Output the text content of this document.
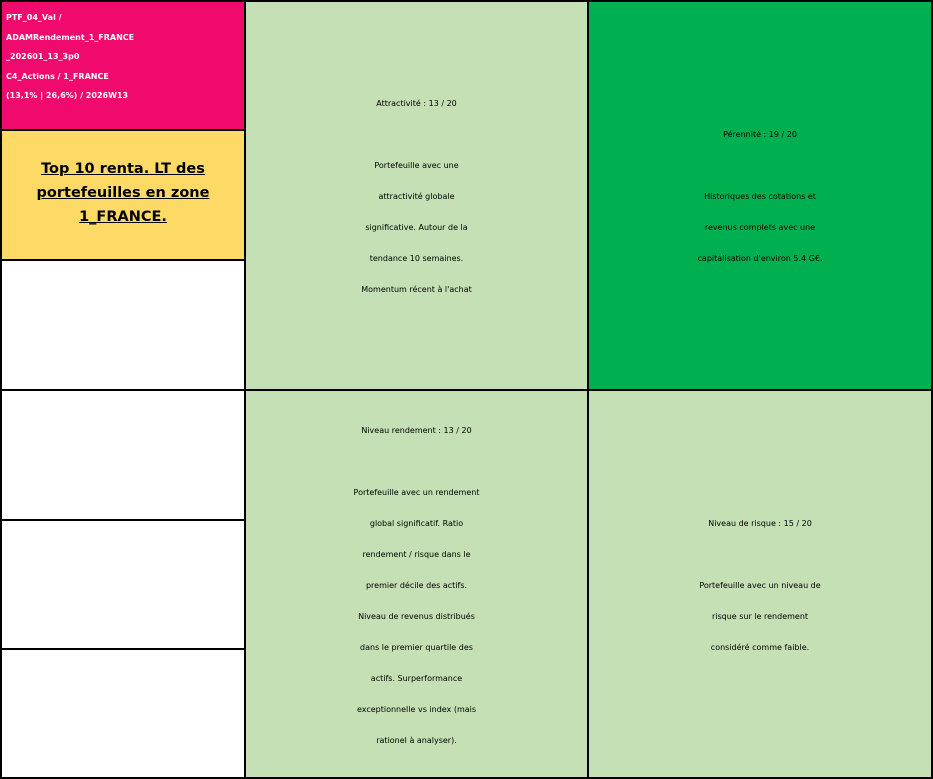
PTF_04_Val /
ADAMRendement_1_FRANCE
_202601_13_3p0
C4_Actions / 1_FRANCE
(13,1% | 26,6%) / 2026W13
Top 10 renta. LT des
portefeuilles en zone
1_FRANCE.
Attractivité : 13 / 20
Portefeuille avec une
attractivité globale
significative. Autour de la
tendance 10 semaines.
Momentum récent à l'achat
Pérennité : 19 / 20
Historiques des cotations et
revenus complets avec une
capitalisation d'environ 5.4 G€.
Niveau rendement : 13 / 20
Portefeuille avec un rendement
global significatif. Ratio
rendement / risque dans le
premier décile des actifs.
Niveau de revenus distribués
dans le premier quartile des
actifs. Surperformance
exceptionnelle vs index (mais
rationel à analyser).
Niveau de risque : 15 / 20
Portefeuille avec un niveau de
risque sur le rendement
considéré comme faible.
